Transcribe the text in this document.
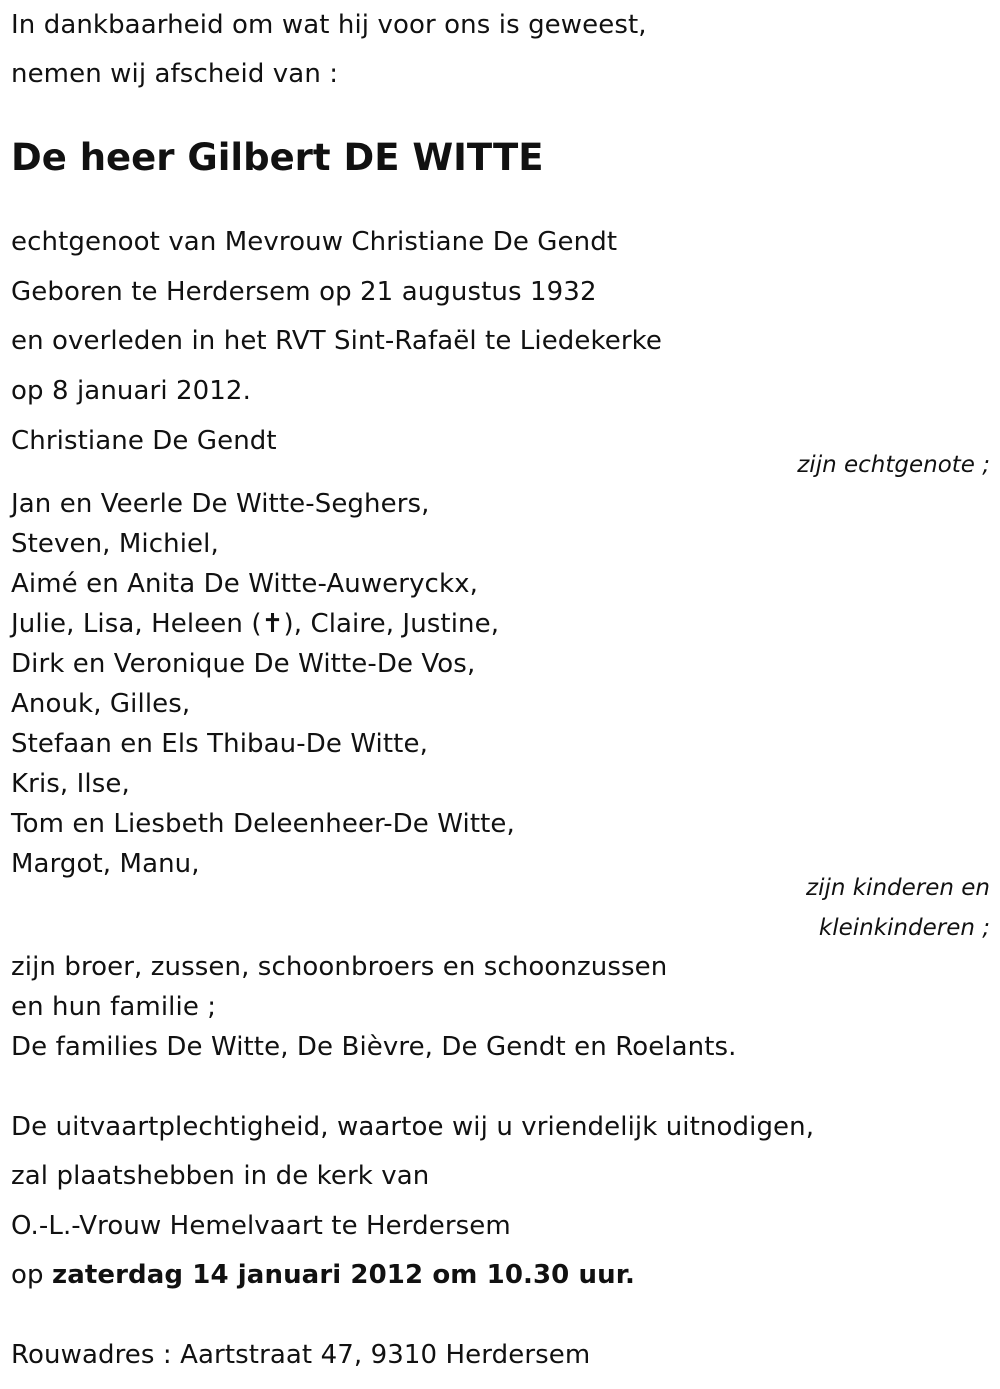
In dankbaarheid om wat hij voor ons is geweest,
nemen wij afscheid van :
De heer Gilbert DE WITTE
echtgenoot van Mevrouw Christiane De Gendt
Geboren te Herdersem op 21 augustus 1932
en overleden in het RVT Sint-Rafaël te Liedekerke
op 8 januari 2012.
Christiane De Gendt
zijn echtgenote ;
Jan en Veerle De Witte-Seghers,
Steven, Michiel,
Aimé en Anita De Witte-Auweryckx,
Julie, Lisa, Heleen (✝), Claire, Justine,
Dirk en Veronique De Witte-De Vos,
Anouk, Gilles,
Stefaan en Els Thibau-De Witte,
Kris, Ilse,
Tom en Liesbeth Deleenheer-De Witte,
Margot, Manu,
zijn kinderen en
kleinkinderen ;
zijn broer, zussen, schoonbroers en schoonzussen
en hun familie ;
De families De Witte, De Bièvre, De Gendt en Roelants.
De uitvaartplechtigheid, waartoe wij u vriendelijk uitnodigen,
zal plaatshebben in de kerk van
O.-L.-Vrouw Hemelvaart te Herdersem
op zaterdag 14 januari 2012 om 10.30 uur.
Rouwadres : Aartstraat 47, 9310 Herdersem
